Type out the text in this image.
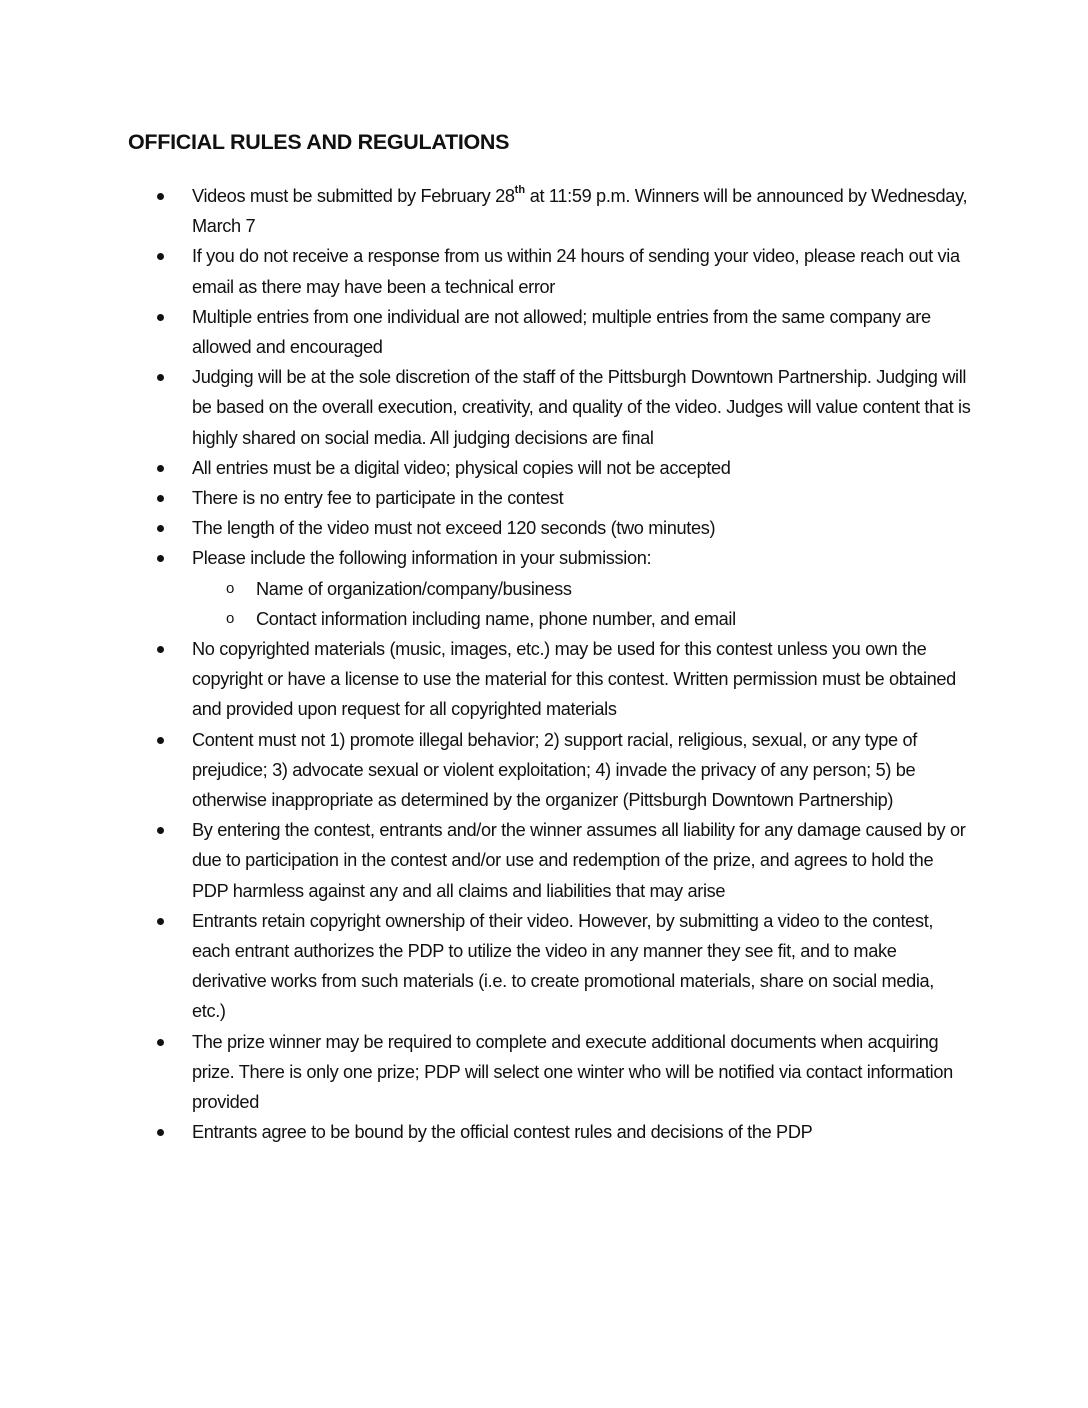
OFFICIAL RULES AND REGULATIONS
Videos must be submitted by February 28th at 11:59 p.m. Winners will be announced by Wednesday, March 7
If you do not receive a response from us within 24 hours of sending your video, please reach out via email as there may have been a technical error
Multiple entries from one individual are not allowed; multiple entries from the same company are allowed and encouraged
Judging will be at the sole discretion of the staff of the Pittsburgh Downtown Partnership. Judging will be based on the overall execution, creativity, and quality of the video. Judges will value content that is highly shared on social media. All judging decisions are final
All entries must be a digital video; physical copies will not be accepted
There is no entry fee to participate in the contest
The length of the video must not exceed 120 seconds (two minutes)
Please include the following information in your submission:
o Name of organization/company/business
o Contact information including name, phone number, and email
No copyrighted materials (music, images, etc.) may be used for this contest unless you own the copyright or have a license to use the material for this contest. Written permission must be obtained and provided upon request for all copyrighted materials
Content must not 1) promote illegal behavior; 2) support racial, religious, sexual, or any type of prejudice; 3) advocate sexual or violent exploitation; 4) invade the privacy of any person; 5) be otherwise inappropriate as determined by the organizer (Pittsburgh Downtown Partnership)
By entering the contest, entrants and/or the winner assumes all liability for any damage caused by or due to participation in the contest and/or use and redemption of the prize, and agrees to hold the PDP harmless against any and all claims and liabilities that may arise
Entrants retain copyright ownership of their video. However, by submitting a video to the contest, each entrant authorizes the PDP to utilize the video in any manner they see fit, and to make derivative works from such materials (i.e. to create promotional materials, share on social media, etc.)
The prize winner may be required to complete and execute additional documents when acquiring prize. There is only one prize; PDP will select one winter who will be notified via contact information provided
Entrants agree to be bound by the official contest rules and decisions of the PDP
